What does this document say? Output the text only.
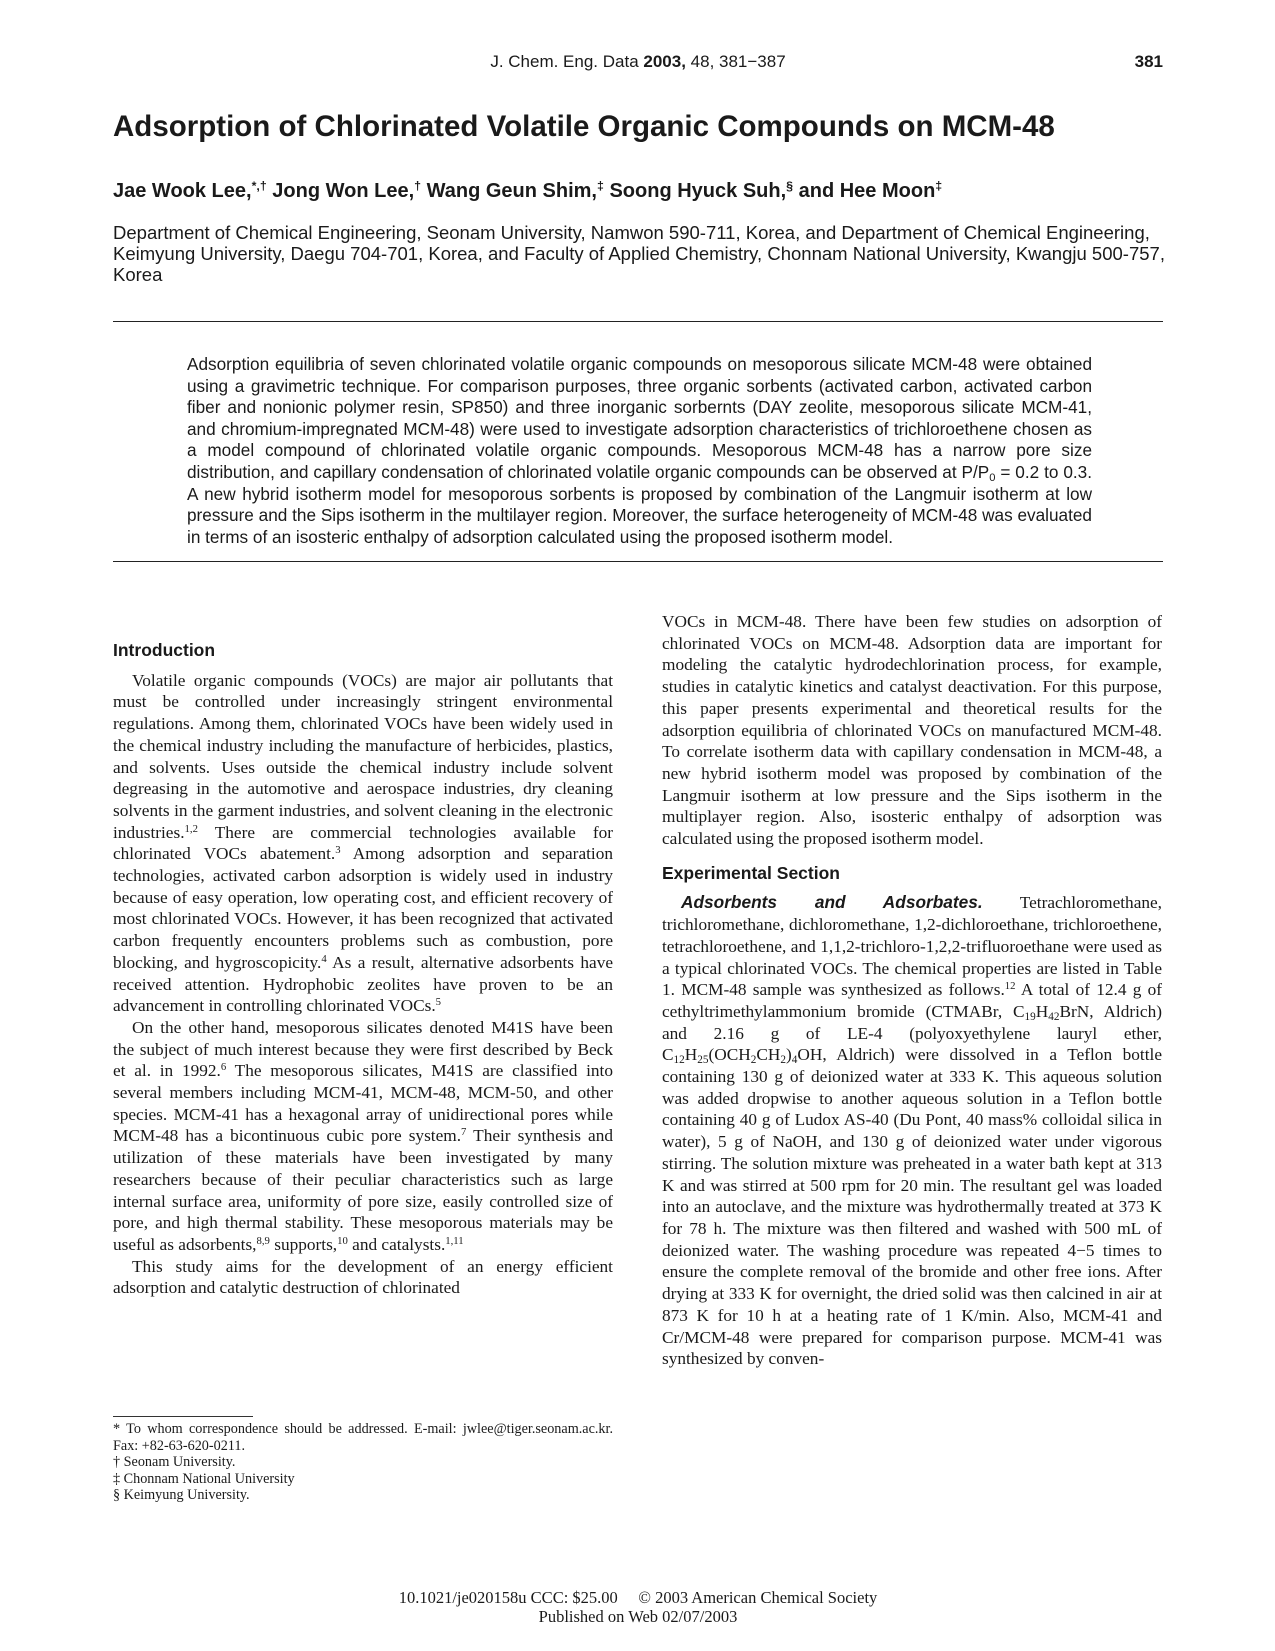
J. Chem. Eng. Data 2003, 48, 381−387	381
Adsorption of Chlorinated Volatile Organic Compounds on MCM-48
Jae Wook Lee,*,† Jong Won Lee,† Wang Geun Shim,‡ Soong Hyuck Suh,§ and Hee Moon‡
Department of Chemical Engineering, Seonam University, Namwon 590-711, Korea, and Department of Chemical Engineering, Keimyung University, Daegu 704-701, Korea, and Faculty of Applied Chemistry, Chonnam National University, Kwangju 500-757, Korea
Adsorption equilibria of seven chlorinated volatile organic compounds on mesoporous silicate MCM-48 were obtained using a gravimetric technique. For comparison purposes, three organic sorbents (activated carbon, activated carbon fiber and nonionic polymer resin, SP850) and three inorganic sorbernts (DAY zeolite, mesoporous silicate MCM-41, and chromium-impregnated MCM-48) were used to investigate adsorption characteristics of trichloroethene chosen as a model compound of chlorinated volatile organic compounds. Mesoporous MCM-48 has a narrow pore size distribution, and capillary condensation of chlorinated volatile organic compounds can be observed at $P/P_0 = 0.2$ to 0.3. A new hybrid isotherm model for mesoporous sorbents is proposed by combination of the Langmuir isotherm at low pressure and the Sips isotherm in the multilayer region. Moreover, the surface heterogeneity of MCM-48 was evaluated in terms of an isosteric enthalpy of adsorption calculated using the proposed isotherm model.
Introduction

Volatile organic compounds (VOCs) are major air pollutants that must be controlled under increasingly stringent environmental regulations. Among them, chlorinated VOCs have been widely used in the chemical industry including the manufacture of herbicides, plastics, and solvents. Uses outside the chemical industry include solvent degreasing in the automotive and aerospace industries, dry cleaning solvents in the garment industries, and solvent cleaning in the electronic industries.$^{1,2}$ There are commercial technologies available for chlorinated VOCs abatement.$^3$ Among adsorption and separation technologies, activated carbon adsorption is widely used in industry because of easy operation, low operating cost, and efficient recovery of most chlorinated VOCs. However, it has been recognized that activated carbon frequently encounters problems such as combustion, pore blocking, and hygroscopicity.$^4$ As a result, alternative adsorbents have received attention. Hydrophobic zeolites have proven to be an advancement in controlling chlorinated VOCs.$^5$

On the other hand, mesoporous silicates denoted M41S have been the subject of much interest because they were first described by Beck et al. in 1992.$^6$ The mesoporous silicates, M41S are classified into several members including MCM-41, MCM-48, MCM-50, and other species. MCM-41 has a hexagonal array of unidirectional pores while MCM-48 has a bicontinuous cubic pore system.$^7$ Their synthesis and utilization of these materials have been investigated by many researchers because of their peculiar characteristics such as large internal surface area, uniformity of pore size, easily controlled size of pore, and high thermal stability. These mesoporous materials may be useful as adsorbents,$^{8,9}$ supports,$^{10}$ and catalysts.$^{1,11}$

This study aims for the development of an energy efficient adsorption and catalytic destruction of chlorinated

* To whom correspondence should be addressed. E-mail: jwlee@tiger.seonam.ac.kr. Fax: +82-63-620-0211.
† Seonam University.
‡ Chonnam National University
§ Keimyung University.

VOCs in MCM-48. There have been few studies on adsorption of chlorinated VOCs on MCM-48. Adsorption data are important for modeling the catalytic hydrodechlorination process, for example, studies in catalytic kinetics and catalyst deactivation. For this purpose, this paper presents experimental and theoretical results for the adsorption equilibria of chlorinated VOCs on manufactured MCM-48. To correlate isotherm data with capillary condensation in MCM-48, a new hybrid isotherm model was proposed by combination of the Langmuir isotherm at low pressure and the Sips isotherm in the multiplayer region. Also, isosteric enthalpy of adsorption was calculated using the proposed isotherm model.

Experimental Section

Adsorbents and Adsorbates. Tetrachloromethane, trichloromethane, dichloromethane, 1,2-dichloroethane, trichloroethene, tetrachloroethene, and 1,1,2-trichloro-1,2,2-trifluoroethane were used as a typical chlorinated VOCs. The chemical properties are listed in Table 1. MCM-48 sample was synthesized as follows.$^{12}$ A total of 12.4 g of cethyltrimethylammonium bromide (CTMABr, $C_{19}H_{42}BrN$, Aldrich) and 2.16 g of LE-4 (polyoxyethylene lauryl ether, $C_{12}H_{25}(OCH_2CH_2)_4OH$, Aldrich) were dissolved in a Teflon bottle containing 130 g of deionized water at 333 K. This aqueous solution was added dropwise to another aqueous solution in a Teflon bottle containing 40 g of Ludox AS-40 (Du Pont, 40 mass% colloidal silica in water), 5 g of NaOH, and 130 g of deionized water under vigorous stirring. The solution mixture was preheated in a water bath kept at 313 K and was stirred at 500 rpm for 20 min. The resultant gel was loaded into an autoclave, and the mixture was hydrothermally treated at 373 K for 78 h. The mixture was then filtered and washed with 500 mL of deionized water. The washing procedure was repeated 4−5 times to ensure the complete removal of the bromide and other free ions. After drying at 333 K for overnight, the dried solid was then calcined in air at 873 K for 10 h at a heating rate of 1 K/min. Also, MCM-41 and Cr/MCM-48 were prepared for comparison purpose. MCM-41 was synthesized by conven-

10.1021/je020158u CCC: $25.00     © 2003 American Chemical Society
Published on Web 02/07/2003
